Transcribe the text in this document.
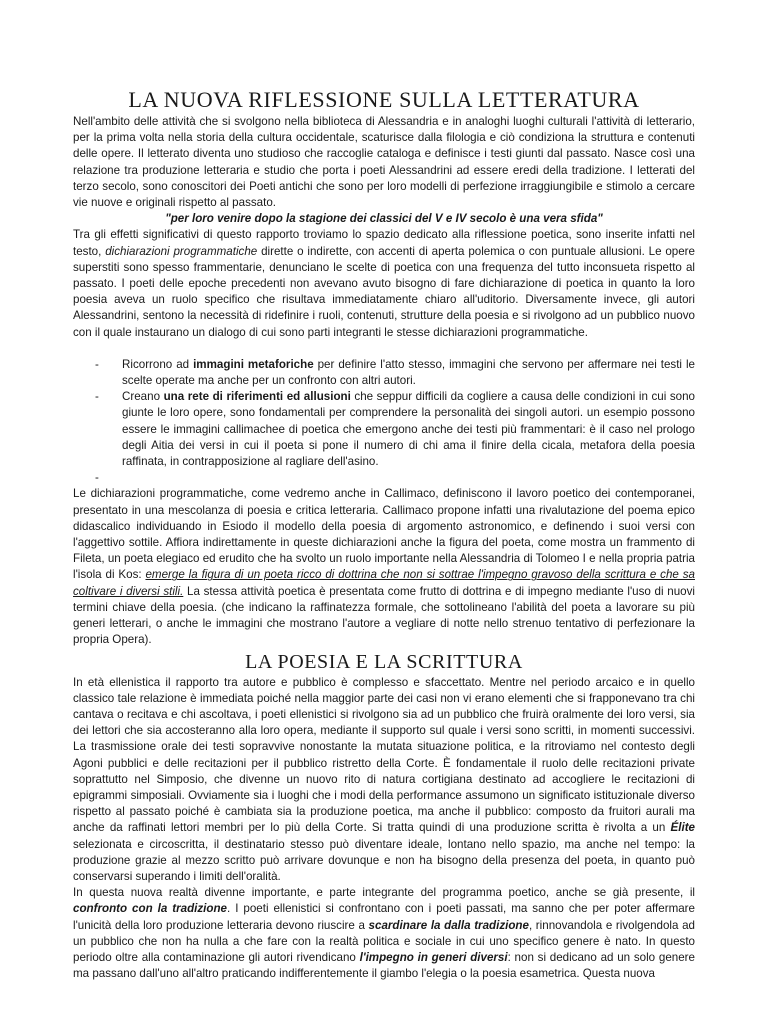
LA NUOVA RIFLESSIONE SULLA LETTERATURA

Nell'ambito delle attività che si svolgono nella biblioteca di Alessandria e in analoghi luoghi culturali l'attività di letterario, per la prima volta nella storia della cultura occidentale, scaturisce dalla filologia e ciò condiziona la struttura e contenuti delle opere. Il letterato diventa uno studioso che raccoglie cataloga e definisce i testi giunti dal passato. Nasce così una relazione tra produzione letteraria e studio che porta i poeti Alessandrini ad essere eredi della tradizione. I letterati del terzo secolo, sono conoscitori dei Poeti antichi che sono per loro modelli di perfezione irraggiungibile e stimolo a cercare vie nuove e originali rispetto al passato.

"per loro venire dopo la stagione dei classici del V e IV secolo è una vera sfida"

Tra gli effetti significativi di questo rapporto troviamo lo spazio dedicato alla riflessione poetica, sono inserite infatti nel testo, dichiarazioni programmatiche dirette o indirette, con accenti di aperta polemica o con puntuale allusioni. Le opere superstiti sono spesso frammentarie, denunciano le scelte di poetica con una frequenza del tutto inconsueta rispetto al passato. I poeti delle epoche precedenti non avevano avuto bisogno di fare dichiarazione di poetica in quanto la loro poesia aveva un ruolo specifico che risultava immediatamente chiaro all'uditorio. Diversamente invece, gli autori Alessandrini, sentono la necessità di ridefinire i ruoli, contenuti, strutture della poesia e si rivolgono ad un pubblico nuovo con il quale instaurano un dialogo di cui sono parti integranti le stesse dichiarazioni programmatiche.

- Ricorrono ad immagini metaforiche per definire l'atto stesso, immagini che servono per affermare nei testi le scelte operate ma anche per un confronto con altri autori.
- Creano una rete di riferimenti ed allusioni che seppur difficili da cogliere a causa delle condizioni in cui sono giunte le loro opere, sono fondamentali per comprendere la personalità dei singoli autori. un esempio possono essere le immagini callimachee di poetica che emergono anche dei testi più frammentari: è il caso nel prologo degli Aitia dei versi in cui il poeta si pone il numero di chi ama il finire della cicala, metafora della poesia raffinata, in contrapposizione al ragliare dell'asino.
-

Le dichiarazioni programmatiche, come vedremo anche in Callimaco, definiscono il lavoro poetico dei contemporanei, presentato in una mescolanza di poesia e critica letteraria. Callimaco propone infatti una rivalutazione del poema epico didascalico individuando in Esiodo il modello della poesia di argomento astronomico, e definendo i suoi versi con l'aggettivo sottile. Affiora indirettamente in queste dichiarazioni anche la figura del poeta, come mostra un frammento di Fileta, un poeta elegiaco ed erudito che ha svolto un ruolo importante nella Alessandria di Tolomeo I e nella propria patria l'isola di Kos: emerge la figura di un poeta ricco di dottrina che non si sottrae l'impegno gravoso della scrittura e che sa coltivare i diversi stili. La stessa attività poetica è presentata come frutto di dottrina e di impegno mediante l'uso di nuovi termini chiave della poesia. (che indicano la raffinatezza formale, che sottolineano l'abilità del poeta a lavorare su più generi letterari, o anche le immagini che mostrano l'autore a vegliare di notte nello strenuo tentativo di perfezionare la propria Opera).

LA POESIA E LA SCRITTURA

In età ellenistica il rapporto tra autore e pubblico è complesso e sfaccettato. Mentre nel periodo arcaico e in quello classico tale relazione è immediata poiché nella maggior parte dei casi non vi erano elementi che si frapponevano tra chi cantava o recitava e chi ascoltava, i poeti ellenistici si rivolgono sia ad un pubblico che fruirà oralmente dei loro versi, sia dei lettori che sia accosteranno alla loro opera, mediante il supporto sul quale i versi sono scritti, in momenti successivi. La trasmissione orale dei testi sopravvive nonostante la mutata situazione politica, e la ritroviamo nel contesto degli Agoni pubblici e delle recitazioni per il pubblico ristretto della Corte. È fondamentale il ruolo delle recitazioni private soprattutto nel Simposio, che divenne un nuovo rito di natura cortigiana destinato ad accogliere le recitazioni di epigrammi simposiali. Ovviamente sia i luoghi che i modi della performance assumono un significato istituzionale diverso rispetto al passato poiché è cambiata sia la produzione poetica, ma anche il pubblico: composto da fruitori aurali ma anche da raffinati lettori membri per lo più della Corte. Si tratta quindi di una produzione scritta è rivolta a un Élite selezionata e circoscritta, il destinatario stesso può diventare ideale, lontano nello spazio, ma anche nel tempo: la produzione grazie al mezzo scritto può arrivare dovunque e non ha bisogno della presenza del poeta, in quanto può conservarsi superando i limiti dell'oralità.

In questa nuova realtà divenne importante, e parte integrante del programma poetico, anche se già presente, il confronto con la tradizione. I poeti ellenistici si confrontano con i poeti passati, ma sanno che per poter affermare l'unicità della loro produzione letteraria devono riuscire a scardinare la dalla tradizione, rinnovandola e rivolgendola ad un pubblico che non ha nulla a che fare con la realtà politica e sociale in cui uno specifico genere è nato. In questo periodo oltre alla contaminazione gli autori rivendicano l'impegno in generi diversi: non si dedicano ad un solo genere ma passano dall'uno all'altro praticando indifferentemente il giambo l'elegia o la poesia esametrica. Questa nuova
